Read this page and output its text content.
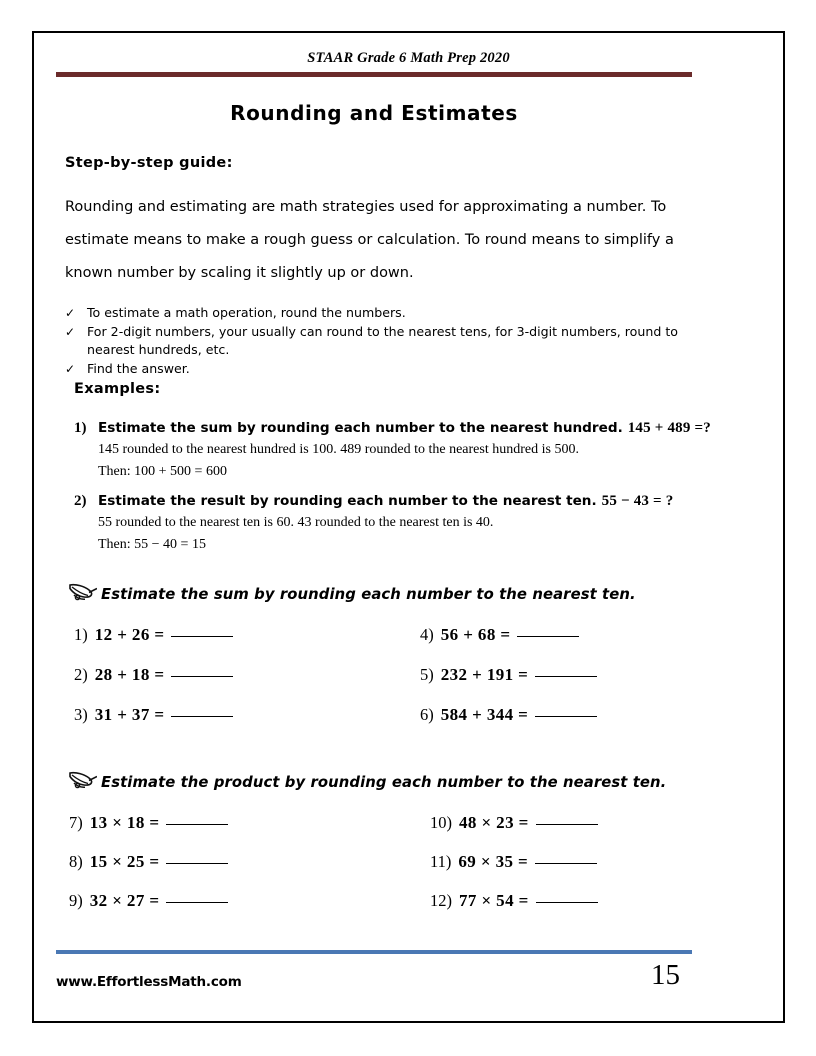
STAAR Grade 6 Math Prep 2020
Rounding and Estimates
Step-by-step guide:
Rounding and estimating are math strategies used for approximating a number. To estimate means to make a rough guess or calculation. To round means to simplify a known number by scaling it slightly up or down.
✓ To estimate a math operation, round the numbers.
✓ For 2-digit numbers, your usually can round to the nearest tens, for 3-digit numbers, round to nearest hundreds, etc.
✓ Find the answer.
Examples:
1) Estimate the sum by rounding each number to the nearest hundred. 145 + 489 =?
145 rounded to the nearest hundred is 100. 489 rounded to the nearest hundred is 500.
Then: 100 + 500 = 600
2) Estimate the result by rounding each number to the nearest ten. 55 − 43 = ?
55 rounded to the nearest ten is 60. 43 rounded to the nearest ten is 40.
Then: 55 − 40 = 15
Estimate the sum by rounding each number to the nearest ten.
1) 12 + 26 =
2) 28 + 18 =
3) 31 + 37 =
4) 56 + 68 =
5) 232 + 191 =
6) 584 + 344 =
Estimate the product by rounding each number to the nearest ten.
7) 13 × 18 =
8) 15 × 25 =
9) 32 × 27 =
10) 48 × 23 =
11) 69 × 35 =
12) 77 × 54 =
www.EffortlessMath.com	15
